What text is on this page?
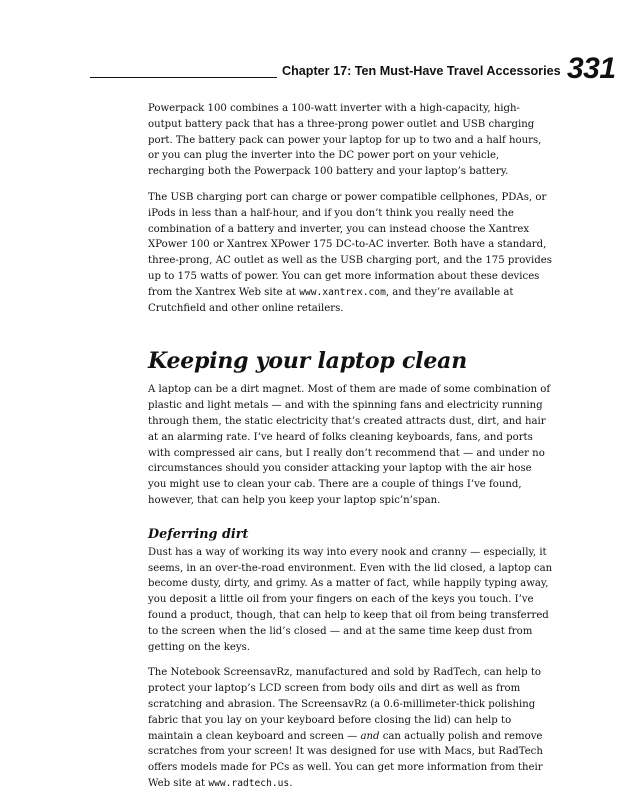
Chapter 17: Ten Must-Have Travel Accessories 331

Powerpack 100 combines a 100-watt inverter with a high-capacity, high-output battery pack that has a three-prong power outlet and USB charging port. The battery pack can power your laptop for up to two and a half hours, or you can plug the inverter into the DC power port on your vehicle, recharging both the Powerpack 100 battery and your laptop’s battery.

The USB charging port can charge or power compatible cellphones, PDAs, or iPods in less than a half-hour, and if you don’t think you really need the combination of a battery and inverter, you can instead choose the Xantrex XPower 100 or Xantrex XPower 175 DC-to-AC inverter. Both have a standard, three-prong, AC outlet as well as the USB charging port, and the 175 provides up to 175 watts of power. You can get more information about these devices from the Xantrex Web site at www.xantrex.com, and they’re available at Crutchfield and other online retailers.

Keeping your laptop clean

A laptop can be a dirt magnet. Most of them are made of some combination of plastic and light metals — and with the spinning fans and electricity running through them, the static electricity that’s created attracts dust, dirt, and hair at an alarming rate. I’ve heard of folks cleaning keyboards, fans, and ports with compressed air cans, but I really don’t recommend that — and under no circumstances should you consider attacking your laptop with the air hose you might use to clean your cab. There are a couple of things I’ve found, however, that can help you keep your laptop spic’n’span.

Deferring dirt

Dust has a way of working its way into every nook and cranny — especially, it seems, in an over-the-road environment. Even with the lid closed, a laptop can become dusty, dirty, and grimy. As a matter of fact, while happily typing away, you deposit a little oil from your fingers on each of the keys you touch. I’ve found a product, though, that can help to keep that oil from being transferred to the screen when the lid’s closed — and at the same time keep dust from getting on the keys.

The Notebook ScreensavRz, manufactured and sold by RadTech, can help to protect your laptop’s LCD screen from body oils and dirt as well as from scratching and abrasion. The ScreensavRz (a 0.6-millimeter-thick polishing fabric that you lay on your keyboard before closing the lid) can help to maintain a clean keyboard and screen — and can actually polish and remove scratches from your screen! It was designed for use with Macs, but RadTech offers models made for PCs as well. You can get more information from their Web site at www.radtech.us.
